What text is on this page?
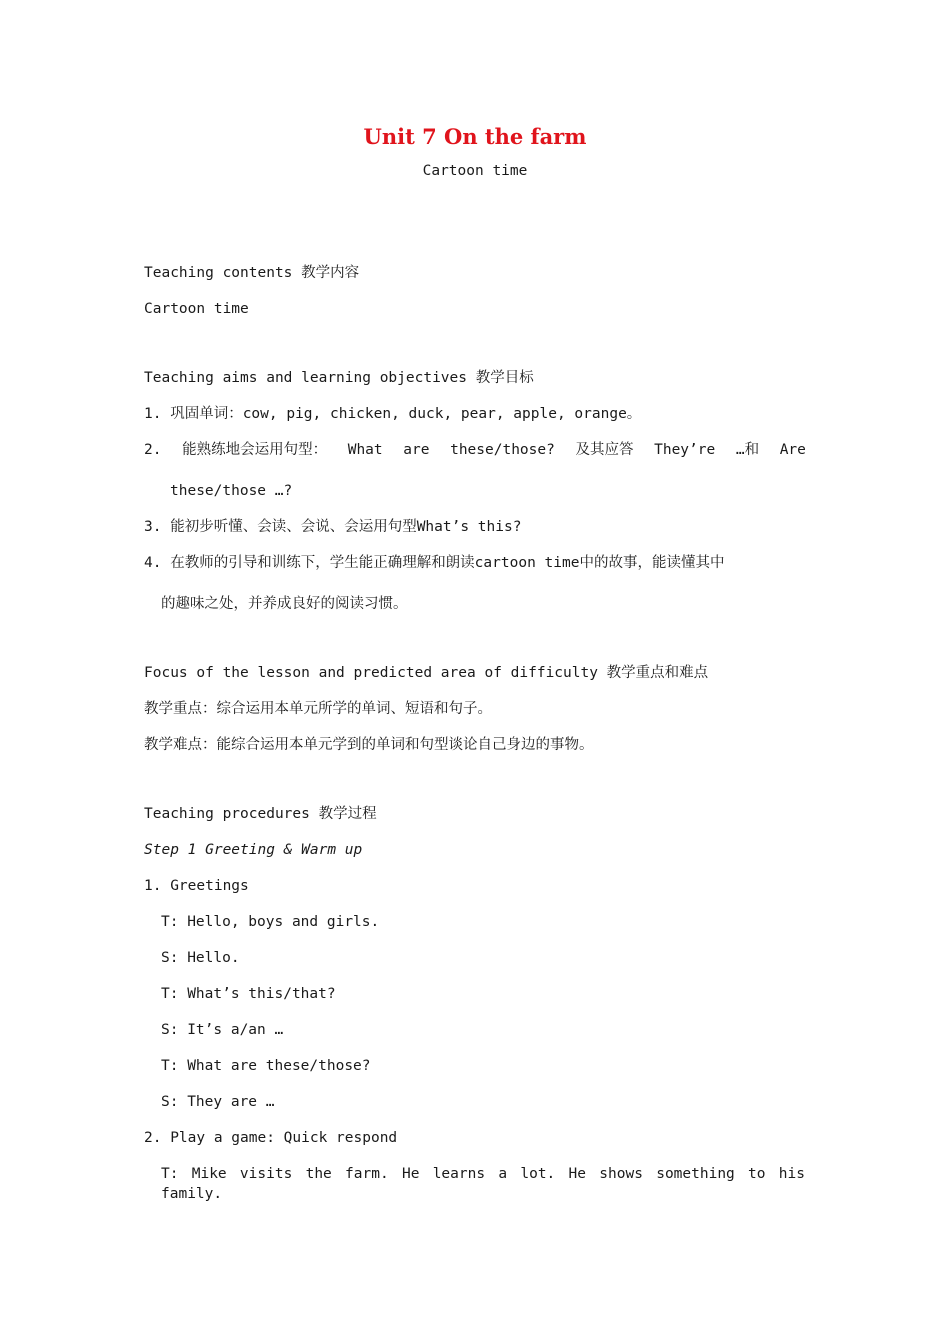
Unit 7 On the farm
Cartoon time
Teaching contents 教学内容
Cartoon time
Teaching aims and learning objectives 教学目标
1. 巩固单词：cow, pig, chicken, duck, pear, apple, orange。
2. 能熟练地会运用句型： What are these/those? 及其应答 They’re …和 Are
these/those …?
3. 能初步听懂、会读、会说、会运用句型What’s this?
4. 在教师的引导和训练下，学生能正确理解和朗读cartoon time中的故事，能读懂其中
的趣味之处，并养成良好的阅读习惯。
Focus of the lesson and predicted area of difficulty 教学重点和难点
教学重点：综合运用本单元所学的单词、短语和句子。
教学难点：能综合运用本单元学到的单词和句型谈论自己身边的事物。
Teaching procedures 教学过程
Step 1 Greeting & Warm up
1. Greetings
T: Hello, boys and girls.
S: Hello.
T: What’s this/that?
S: It’s a/an …
T: What are these/those?
S: They are …
2. Play a game: Quick respond
T: Mike visits the farm. He learns a lot. He shows something to his family.
